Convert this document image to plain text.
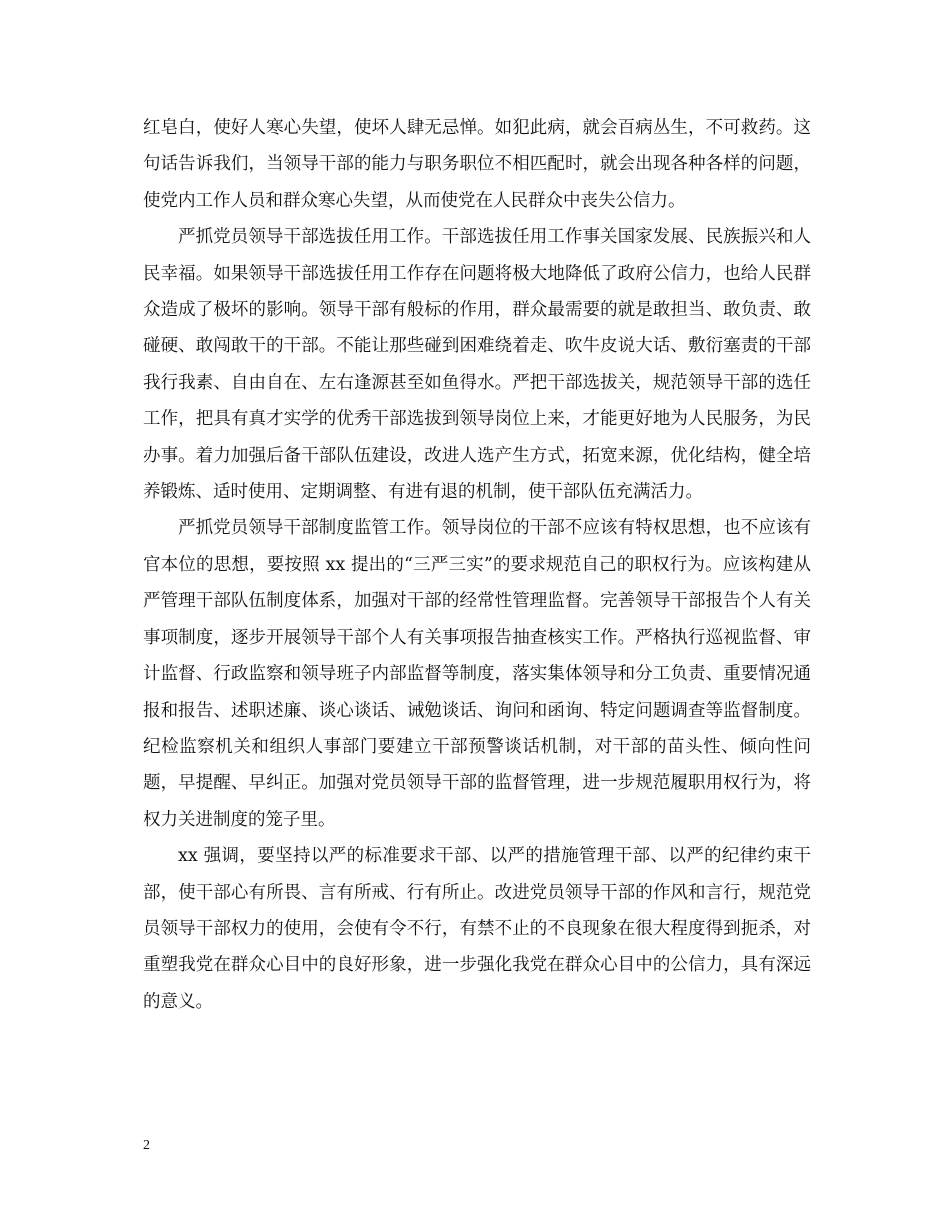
红皂白，使好人寒心失望，使坏人肆无忌惮。如犯此病，就会百病丛生，不可救药。这句话告诉我们，当领导干部的能力与职务职位不相匹配时，就会出现各种各样的问题，使党内工作人员和群众寒心失望，从而使党在人民群众中丧失公信力。

严抓党员领导干部选拔任用工作。干部选拔任用工作事关国家发展、民族振兴和人民幸福。如果领导干部选拔任用工作存在问题将极大地降低了政府公信力，也给人民群众造成了极坏的影响。领导干部有般标的作用，群众最需要的就是敢担当、敢负责、敢碰硬、敢闯敢干的干部。不能让那些碰到困难绕着走、吹牛皮说大话、敷衍塞责的干部我行我素、自由自在、左右逢源甚至如鱼得水。严把干部选拔关，规范领导干部的选任工作，把具有真才实学的优秀干部选拔到领导岗位上来，才能更好地为人民服务，为民办事。着力加强后备干部队伍建设，改进人选产生方式，拓宽来源，优化结构，健全培养锻炼、适时使用、定期调整、有进有退的机制，使干部队伍充满活力。

严抓党员领导干部制度监管工作。领导岗位的干部不应该有特权思想，也不应该有官本位的思想，要按照 xx 提出的“三严三实”的要求规范自己的职权行为。应该构建从严管理干部队伍制度体系，加强对干部的经常性管理监督。完善领导干部报告个人有关事项制度，逐步开展领导干部个人有关事项报告抽查核实工作。严格执行巡视监督、审计监督、行政监察和领导班子内部监督等制度，落实集体领导和分工负责、重要情况通报和报告、述职述廉、谈心谈话、诫勉谈话、询问和函询、特定问题调查等监督制度。纪检监察机关和组织人事部门要建立干部预警谈话机制，对干部的苗头性、倾向性问题，早提醒、早纠正。加强对党员领导干部的监督管理，进一步规范履职用权行为，将权力关进制度的笼子里。

xx 强调，要坚持以严的标准要求干部、以严的措施管理干部、以严的纪律约束干部，使干部心有所畏、言有所戒、行有所止。改进党员领导干部的作风和言行，规范党员领导干部权力的使用，会使有令不行，有禁不止的不良现象在很大程度得到扼杀，对重塑我党在群众心目中的良好形象，进一步强化我党在群众心目中的公信力，具有深远的意义。

2
